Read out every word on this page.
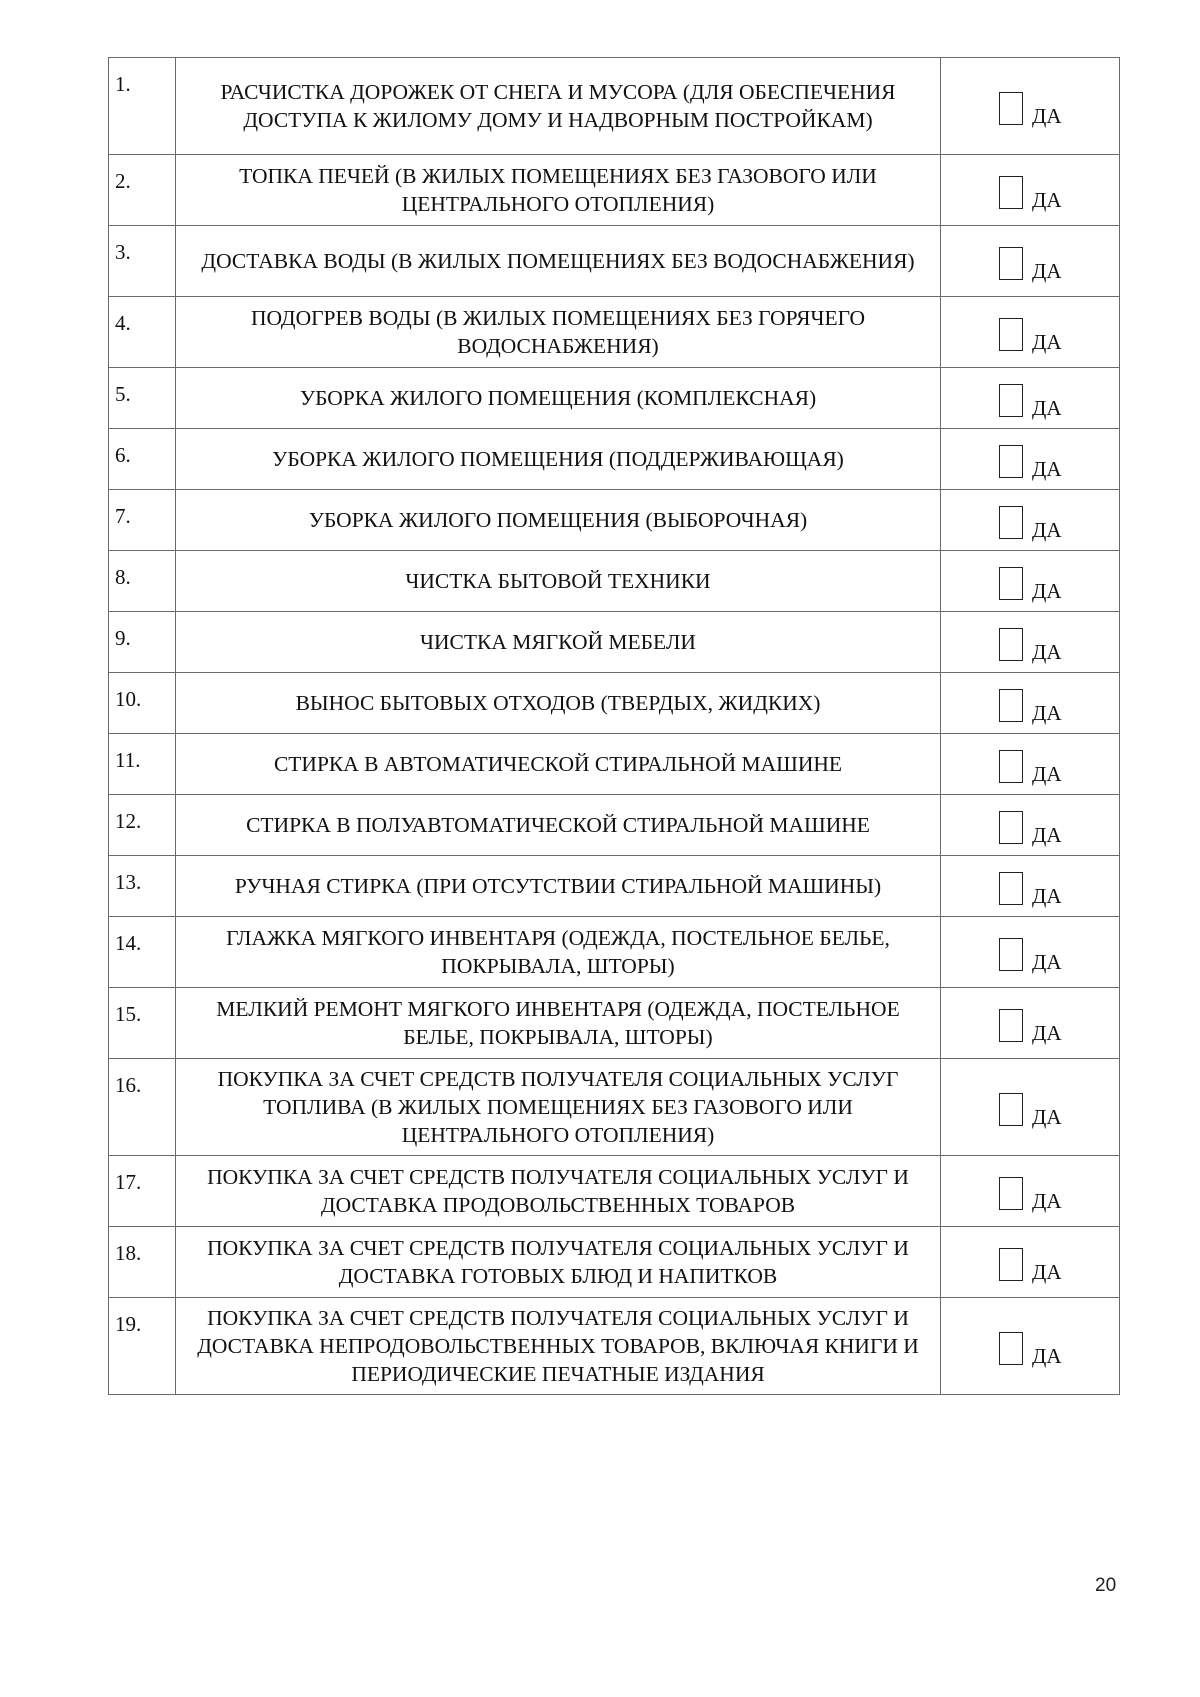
1.	РАСЧИСТКА ДОРОЖЕК ОТ СНЕГА И МУСОРА (ДЛЯ ОБЕСПЕЧЕНИЯ ДОСТУПА К ЖИЛОМУ ДОМУ И НАДВОРНЫМ ПОСТРОЙКАМ)	ДА

2.	ТОПКА ПЕЧЕЙ (В ЖИЛЫХ ПОМЕЩЕНИЯХ БЕЗ ГАЗОВОГО ИЛИ ЦЕНТРАЛЬНОГО ОТОПЛЕНИЯ)	ДА

3.	ДОСТАВКА ВОДЫ (В ЖИЛЫХ ПОМЕЩЕНИЯХ БЕЗ ВОДОСНАБЖЕНИЯ)	ДА

4.	ПОДОГРЕВ ВОДЫ (В ЖИЛЫХ ПОМЕЩЕНИЯХ БЕЗ ГОРЯЧЕГО ВОДОСНАБЖЕНИЯ)	ДА

5.	УБОРКА ЖИЛОГО ПОМЕЩЕНИЯ (КОМПЛЕКСНАЯ)	ДА

6.	УБОРКА ЖИЛОГО ПОМЕЩЕНИЯ (ПОДДЕРЖИВАЮЩАЯ)	ДА

7.	УБОРКА ЖИЛОГО ПОМЕЩЕНИЯ (ВЫБОРОЧНАЯ)	ДА

8.	ЧИСТКА БЫТОВОЙ ТЕХНИКИ	ДА

9.	ЧИСТКА МЯГКОЙ МЕБЕЛИ	ДА

10.	ВЫНОС БЫТОВЫХ ОТХОДОВ (ТВЕРДЫХ, ЖИДКИХ)	ДА

11.	СТИРКА В АВТОМАТИЧЕСКОЙ СТИРАЛЬНОЙ МАШИНЕ	ДА

12.	СТИРКА В ПОЛУАВТОМАТИЧЕСКОЙ СТИРАЛЬНОЙ МАШИНЕ	ДА

13.	РУЧНАЯ СТИРКА (ПРИ ОТСУТСТВИИ СТИРАЛЬНОЙ МАШИНЫ)	ДА

14.	ГЛАЖКА МЯГКОГО ИНВЕНТАРЯ (ОДЕЖДА, ПОСТЕЛЬНОЕ БЕЛЬЕ, ПОКРЫВАЛА, ШТОРЫ)	ДА

15.	МЕЛКИЙ РЕМОНТ МЯГКОГО ИНВЕНТАРЯ (ОДЕЖДА, ПОСТЕЛЬНОЕ БЕЛЬЕ, ПОКРЫВАЛА, ШТОРЫ)	ДА

16.	ПОКУПКА ЗА СЧЕТ СРЕДСТВ ПОЛУЧАТЕЛЯ СОЦИАЛЬНЫХ УСЛУГ ТОПЛИВА (В ЖИЛЫХ ПОМЕЩЕНИЯХ БЕЗ ГАЗОВОГО ИЛИ ЦЕНТРАЛЬНОГО ОТОПЛЕНИЯ)	ДА

17.	ПОКУПКА ЗА СЧЕТ СРЕДСТВ ПОЛУЧАТЕЛЯ СОЦИАЛЬНЫХ УСЛУГ И ДОСТАВКА ПРОДОВОЛЬСТВЕННЫХ ТОВАРОВ	ДА

18.	ПОКУПКА ЗА СЧЕТ СРЕДСТВ ПОЛУЧАТЕЛЯ СОЦИАЛЬНЫХ УСЛУГ И ДОСТАВКА ГОТОВЫХ БЛЮД И НАПИТКОВ	ДА

19.	ПОКУПКА ЗА СЧЕТ СРЕДСТВ ПОЛУЧАТЕЛЯ СОЦИАЛЬНЫХ УСЛУГ И ДОСТАВКА НЕПРОДОВОЛЬСТВЕННЫХ ТОВАРОВ, ВКЛЮЧАЯ КНИГИ И ПЕРИОДИЧЕСКИЕ ПЕЧАТНЫЕ ИЗДАНИЯ	ДА
20
